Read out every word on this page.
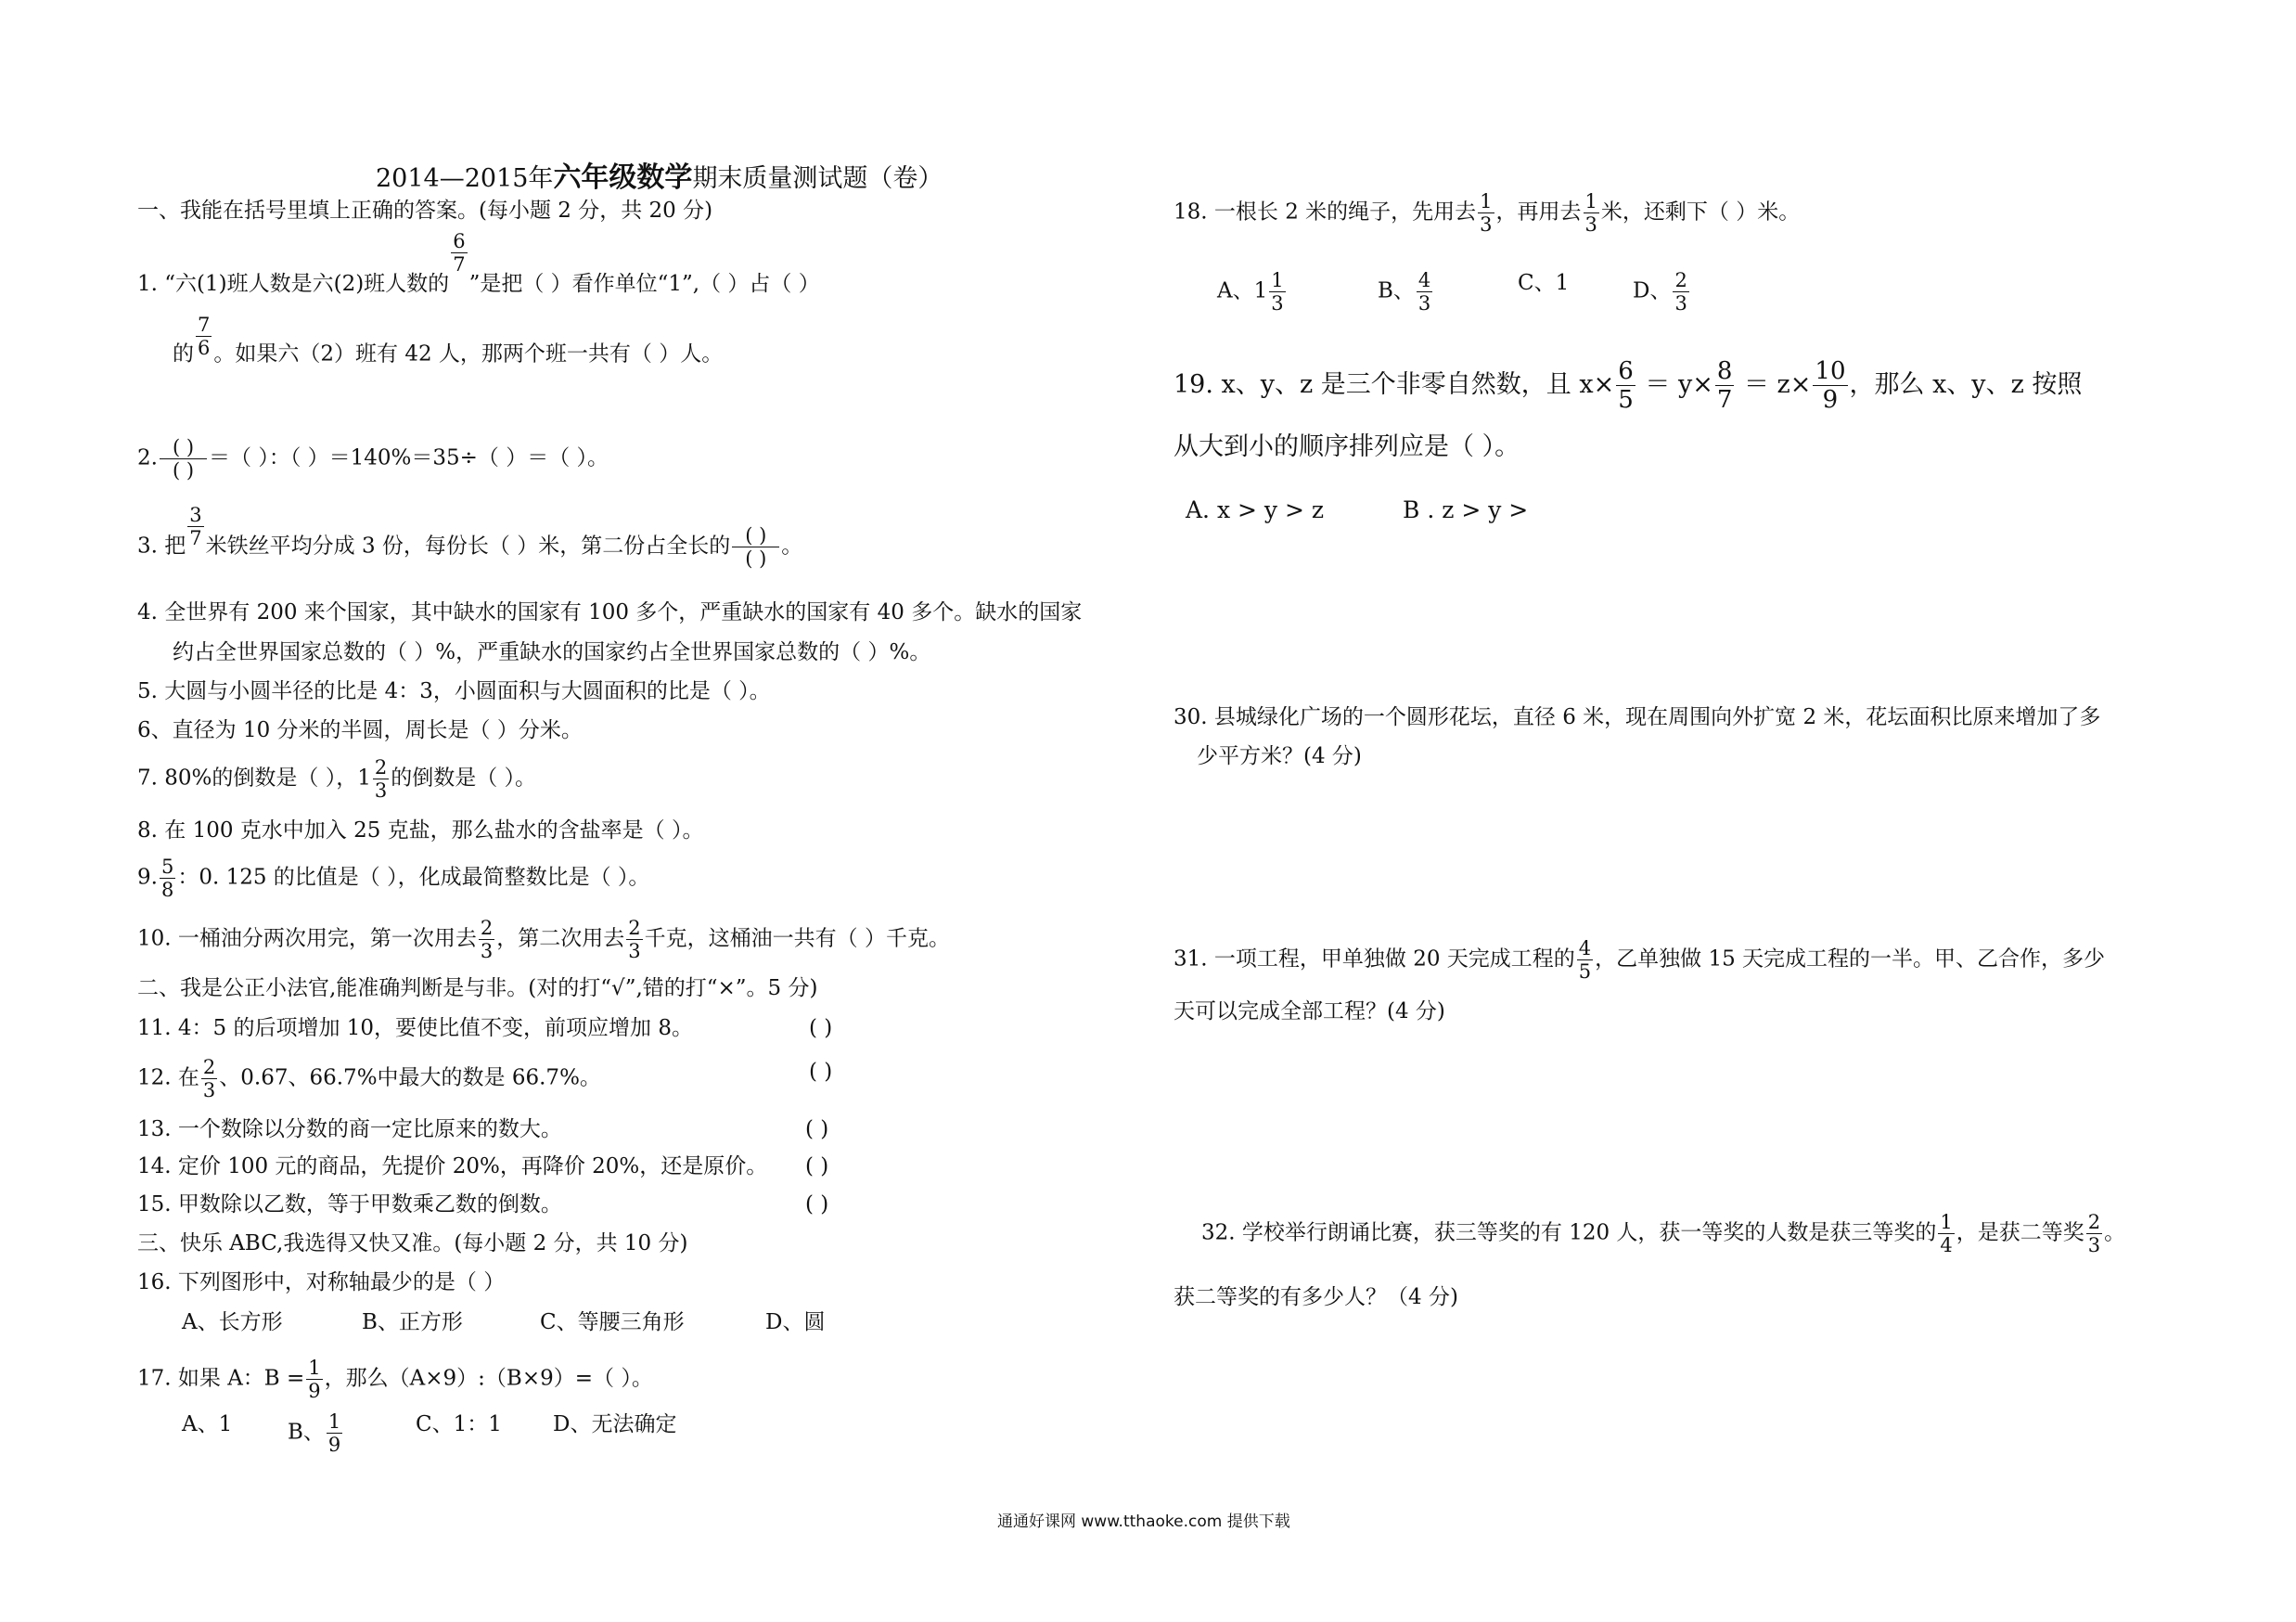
2014—2015年六年级数学期末质量测试题（卷）
一、我能在括号里填上正确的答案。(每小题 2 分，共 20 分)
1. “六(1)班人数是六(2)班人数的
$\frac{6}{7}$
”是把（ ）看作单位“1”,（ ）占（ ）
的 $\frac{7}{6}$ 。如果六（2）班有 42 人，那两个班一共有（ ）人。
2. ( )
( )
＝（ ）：（ ）＝140%＝35÷（ ）＝（ ）。
3. 把 $\frac{3}{7}$ 米铁丝平均分成 3 份，每份长（ ）米，第二份占全长的 ( )
( )
。
4. 全世界有 200 来个国家，其中缺水的国家有 100 多个，严重缺水的国家有 40 多个。缺水的国家
约占全世界国家总数的（ ）%，严重缺水的国家约占全世界国家总数的（ ）%。
5. 大圆与小圆半径的比是 4：3，小圆面积与大圆面积的比是（ ）。
6、直径为 10 分米的半圆，周长是（ ）分米。
7. 80%的倒数是（ ），$1 \frac{2}{3}$ 的倒数是（ ）。
8. 在 100 克水中加入 25 克盐，那么盐水的含盐率是（ ）。
9. $\frac{5}{8}$ ：0. 125 的比值是（ ），化成最简整数比是（ ）。
10. 一桶油分两次用完，第一次用去 $\frac{2}{3}$ ，第二次用去 $\frac{2}{3}$ 千克，这桶油一共有（ ）千克。
二、我是公正小法官,能准确判断是与非。(对的打“√”,错的打“×”。5 分)
11. 4：5 的后项增加 10，要使比值不变，前项应增加 8。	( )
12. 在 $\frac{2}{3}$ 、0.67、66.7%中最大的数是 66.7%。	( )
13. 一个数除以分数的商一定比原来的数大。	( )
14. 定价 100 元的商品，先提价 20%，再降价 20%，还是原价。 ( )
15. 甲数除以乙数，等于甲数乘乙数的倒数。	( )
三、快乐 ABC,我选得又快又准。(每小题 2 分，共 10 分)
16. 下列图形中，对称轴最少的是（ ）
A、长方形	B、正方形	C、等腰三角形	D、圆
17. 如果 A：$B = \frac{1}{9}$ ，那么（A×9）:（B×9）=（ ）。
A、1	B、 $\frac{1}{9}$	C、1：1 D、无法确定
18. 一根长 2 米的绳子，先用去 $\frac{1}{3}$ ，再用去 $\frac{1}{3}$ 米，还剩下（ ）米。
A、$1 \frac{1}{3}$	B、 $\frac{4}{3}$	C、1	D、 $\frac{2}{3}$
19. x、y、z 是三个非零自然数，且 $x\times \frac{6}{5} = y\times \frac{8}{7} = z\times \frac{10}{9}$ ，那么 x、y、z 按照
从大到小的顺序排列应是（ ）。
A. x > y > z	B . z > y >
30. 县城绿化广场的一个圆形花坛，直径 6 米，现在周围向外扩宽 2 米，花坛面积比原来增加了多
少平方米？(4 分)
31. 一项工程，甲单独做 20 天完成工程的 $\frac{4}{5}$ ，乙单独做 15 天完成工程的一半。甲、乙合作，多少
天可以完成全部工程？(4 分)
32. 学校举行朗诵比赛，获三等奖的有 120 人，获一等奖的人数是获三等奖的 $\frac{1}{4}$ ，是获二等奖 $\frac{2}{3}$ 。
获二等奖的有多少人？（4 分)
通通好课网 www.tthaoke.com 提供下载
